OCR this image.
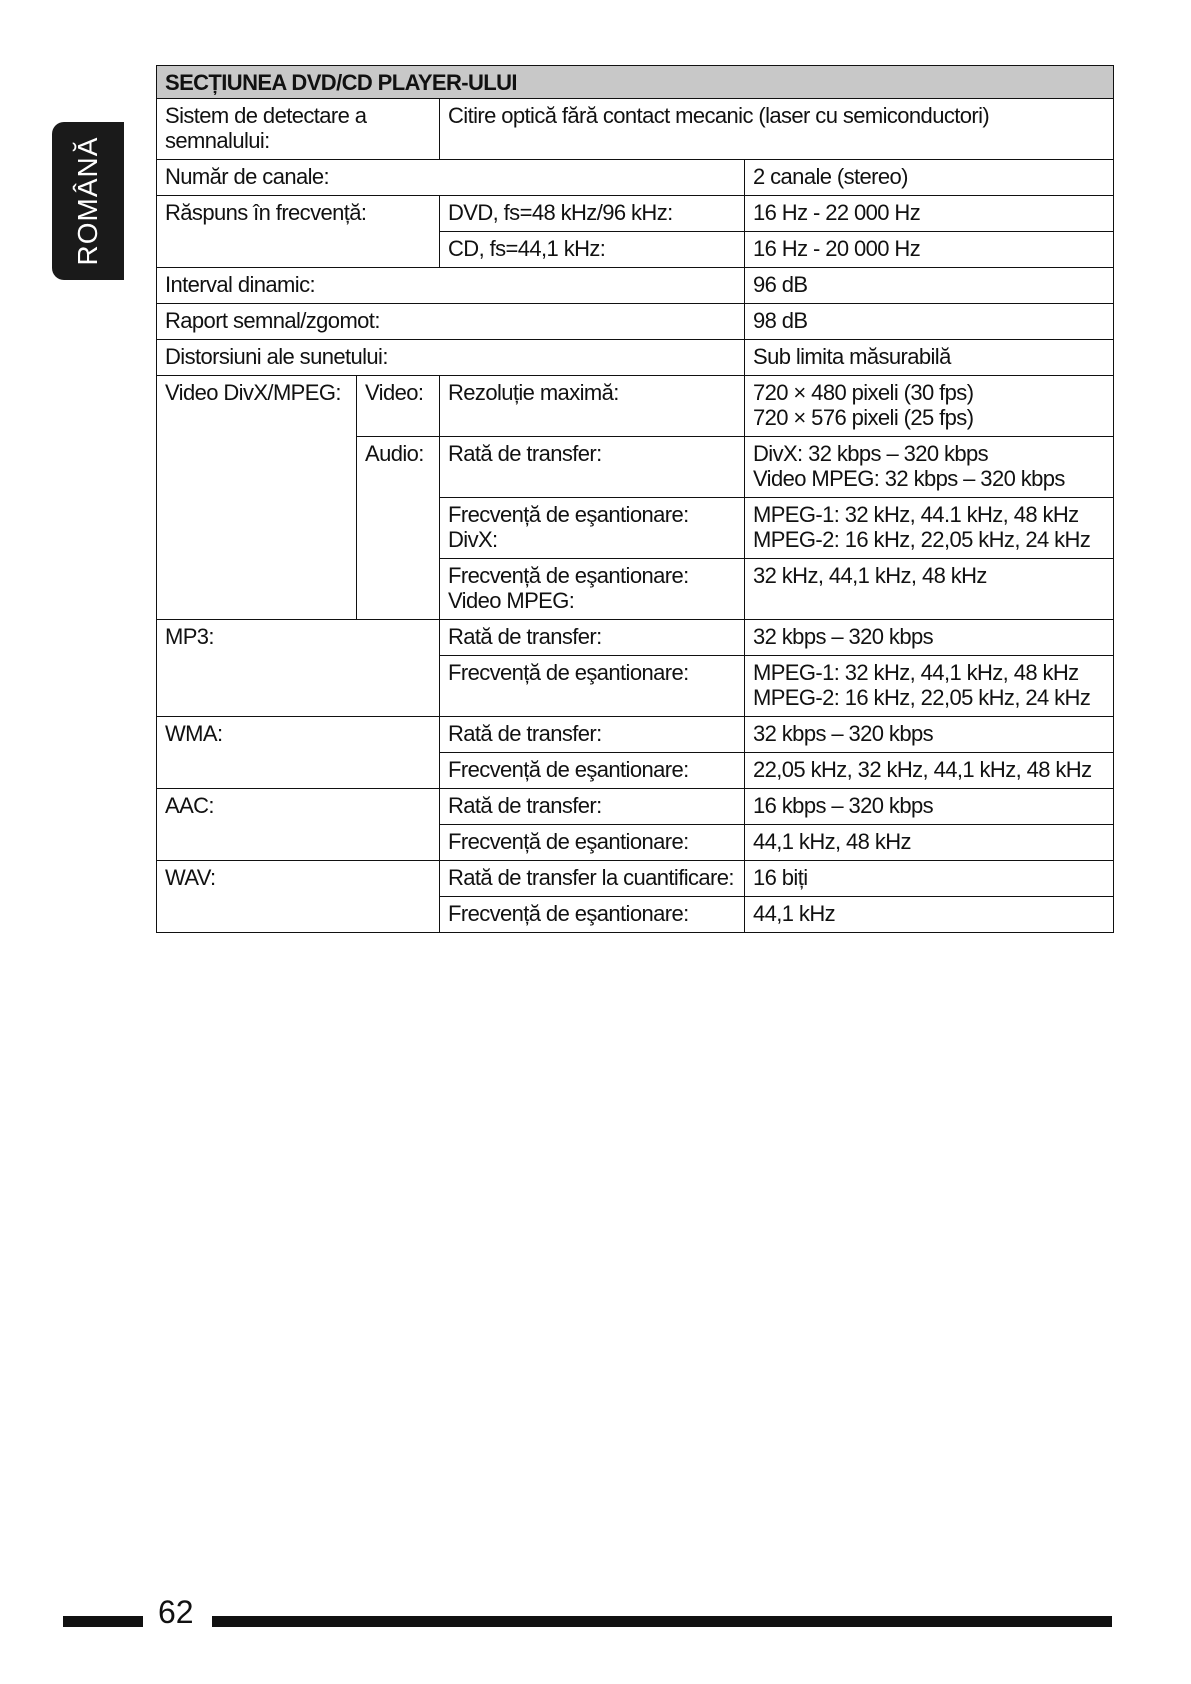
ROMÂNĂ
SECȚIUNEA DVD/CD PLAYER-ULUI			
Sistem de detectare a semnalului:		Citire optică fără contact mecanic (laser cu semiconductori)	
Număr de canale:			2 canale (stereo)
Răspuns în frecvență:		DVD, fs=48 kHz/96 kHz:	16 Hz - 22 000 Hz
		CD, fs=44,1 kHz:	16 Hz - 20 000 Hz
Interval dinamic:			96 dB
Raport semnal/zgomot:			98 dB
Distorsiuni ale sunetului:			Sub limita măsurabilă
Video DivX/MPEG:	Video:	Rezoluție maximă:	720 × 480 pixeli (30 fps)
720 × 576 pixeli (25 fps)
	Audio:	Rată de transfer:	DivX: 32 kbps – 320 kbps
Video MPEG: 32 kbps – 320 kbps
		Frecvență de eşantionare: DivX:	MPEG-1: 32 kHz, 44.1 kHz, 48 kHz
MPEG-2: 16 kHz, 22,05 kHz, 24 kHz
		Frecvență de eşantionare:
Video MPEG:	32 kHz, 44,1 kHz, 48 kHz
MP3:		Rată de transfer:	32 kbps – 320 kbps
		Frecvență de eşantionare:	MPEG-1: 32 kHz, 44,1 kHz, 48 kHz
MPEG-2: 16 kHz, 22,05 kHz, 24 kHz
WMA:		Rată de transfer:	32 kbps – 320 kbps
		Frecvență de eşantionare:	22,05 kHz, 32 kHz, 44,1 kHz, 48 kHz
AAC:		Rată de transfer:	16 kbps – 320 kbps
		Frecvență de eşantionare:	44,1 kHz, 48 kHz
WAV:		Rată de transfer la cuantificare:	16 biți
		Frecvență de eşantionare:	44,1 kHz
62
